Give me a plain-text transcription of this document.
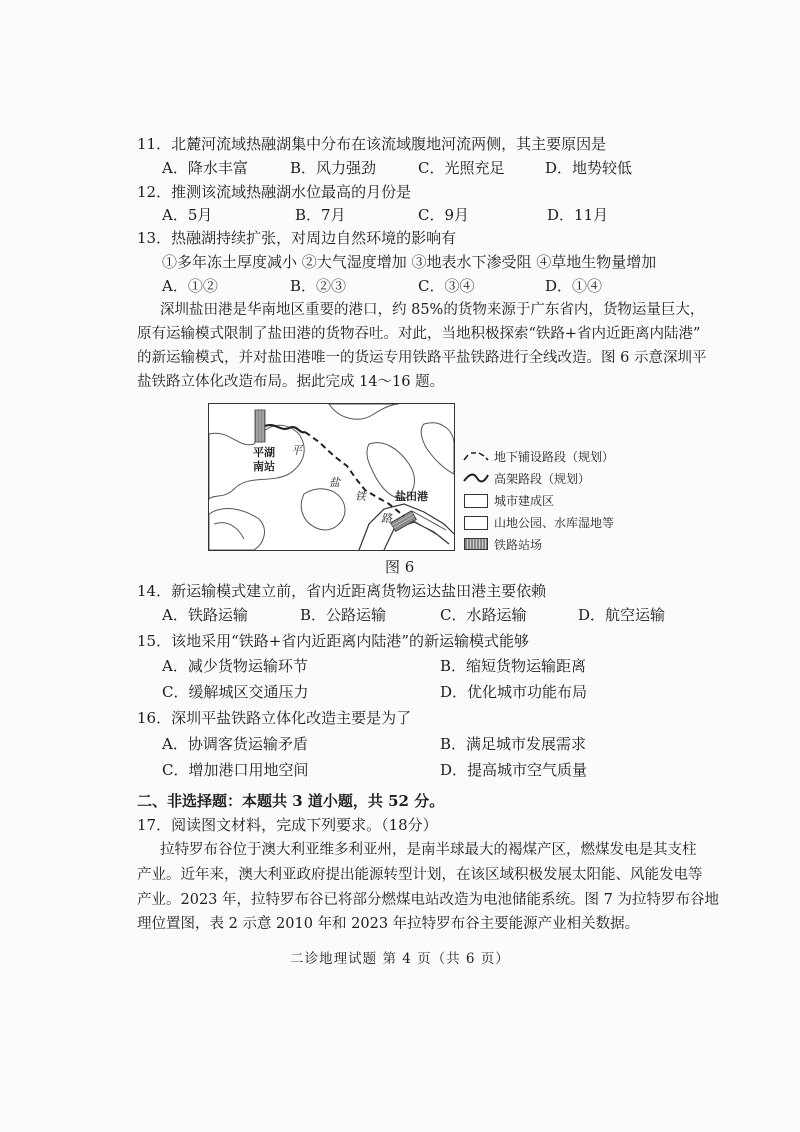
11．北麓河流域热融湖集中分布在该流域腹地河流两侧，其主要原因是
A．降水丰富	B．风力强劲	C．光照充足	D．地势较低
12．推测该流域热融湖水位最高的月份是
A．5月	B．7月	C．9月	D．11月
13．热融湖持续扩张，对周边自然环境的影响有
①多年冻土厚度减小 ②大气湿度增加 ③地表水下渗受阻 ④草地生物量增加
A．①②	B．②③	C．③④	D．①④
深圳盐田港是华南地区重要的港口，约 85%的货物来源于广东省内，货物运量巨大，
原有运输模式限制了盐田港的货物吞吐。对此，当地积极探索“铁路+省内近距离内陆港”
的新运输模式，并对盐田港唯一的货运专用铁路平盐铁路进行全线改造。图 6 示意深圳平
盐铁路立体化改造布局。据此完成 14～16 题。
平湖
南站
平
盐
铁
路
盐田港
地下铺设路段（规划）
高架路段（规划）
城市建成区
山地公园、水库湿地等
铁路站场
图 6
14．新运输模式建立前，省内近距离货物运达盐田港主要依赖
A．铁路运输	B．公路运输	C．水路运输	D．航空运输
15．该地采用“铁路+省内近距离内陆港”的新运输模式能够
A．减少货物运输环节	B．缩短货物运输距离
C．缓解城区交通压力	D．优化城市功能布局
16．深圳平盐铁路立体化改造主要是为了
A．协调客货运输矛盾	B．满足城市发展需求
C．增加港口用地空间	D．提高城市空气质量
二、非选择题：本题共 3 道小题，共 52 分。
17．阅读图文材料，完成下列要求。（18分）
拉特罗布谷位于澳大利亚维多利亚州，是南半球最大的褐煤产区，燃煤发电是其支柱
产业。近年来，澳大利亚政府提出能源转型计划，在该区域积极发展太阳能、风能发电等
产业。2023 年，拉特罗布谷已将部分燃煤电站改造为电池储能系统。图 7 为拉特罗布谷地
理位置图，表 2 示意 2010 年和 2023 年拉特罗布谷主要能源产业相关数据。
二诊地理试题 第 4 页（共 6 页）
